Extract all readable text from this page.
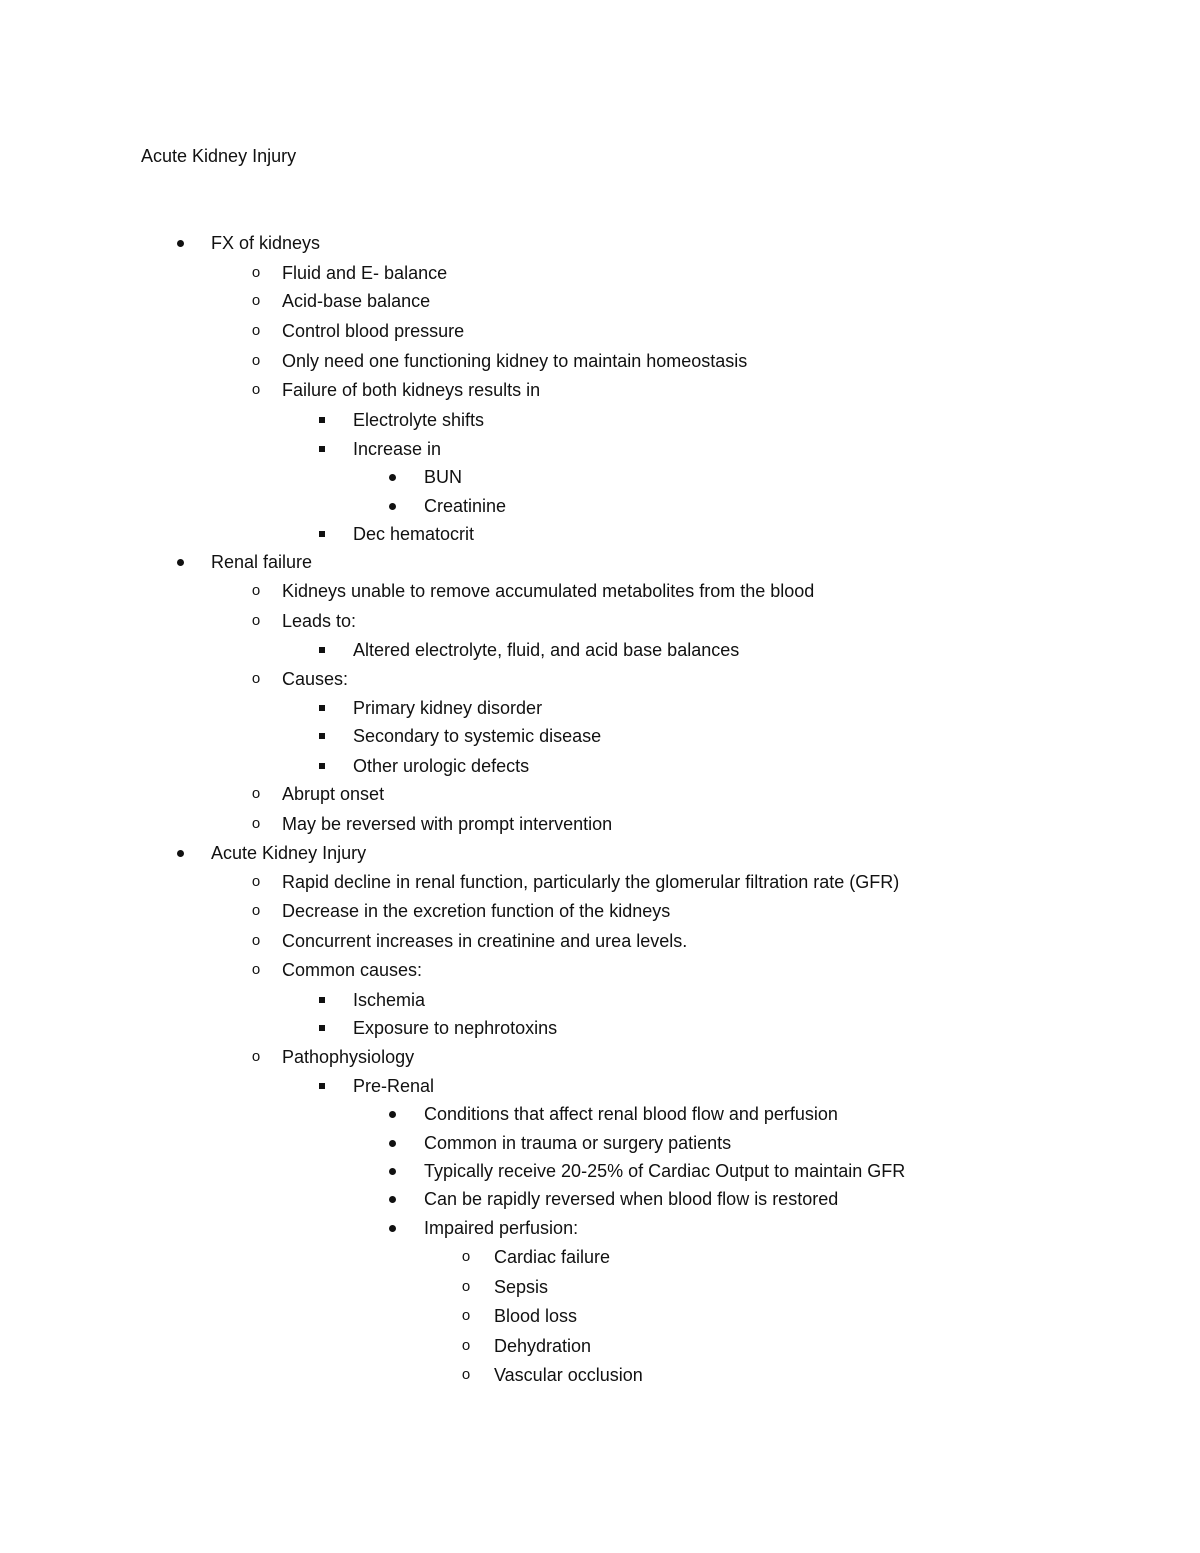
Acute Kidney Injury
FX of kidneys
o	Fluid and E- balance
o	Acid-base balance
o	Control blood pressure
o	Only need one functioning kidney to maintain homeostasis
o	Failure of both kidneys results in
Electrolyte shifts
Increase in
BUN
Creatinine
Dec hematocrit
Renal failure
o	Kidneys unable to remove accumulated metabolites from the blood
o	Leads to:
Altered electrolyte, fluid, and acid base balances
o	Causes:
Primary kidney disorder
Secondary to systemic disease
Other urologic defects
o	Abrupt onset
o	May be reversed with prompt intervention
Acute Kidney Injury
o	Rapid decline in renal function, particularly the glomerular filtration rate (GFR)
o	Decrease in the excretion function of the kidneys
o	Concurrent increases in creatinine and urea levels.
o	Common causes:
Ischemia
Exposure to nephrotoxins
o	Pathophysiology
Pre-Renal
Conditions that affect renal blood flow and perfusion
Common in trauma or surgery patients
Typically receive 20-25% of Cardiac Output to maintain GFR
Can be rapidly reversed when blood flow is restored
Impaired perfusion:
o	Cardiac failure
o	Sepsis
o	Blood loss
o	Dehydration
o	Vascular occlusion
